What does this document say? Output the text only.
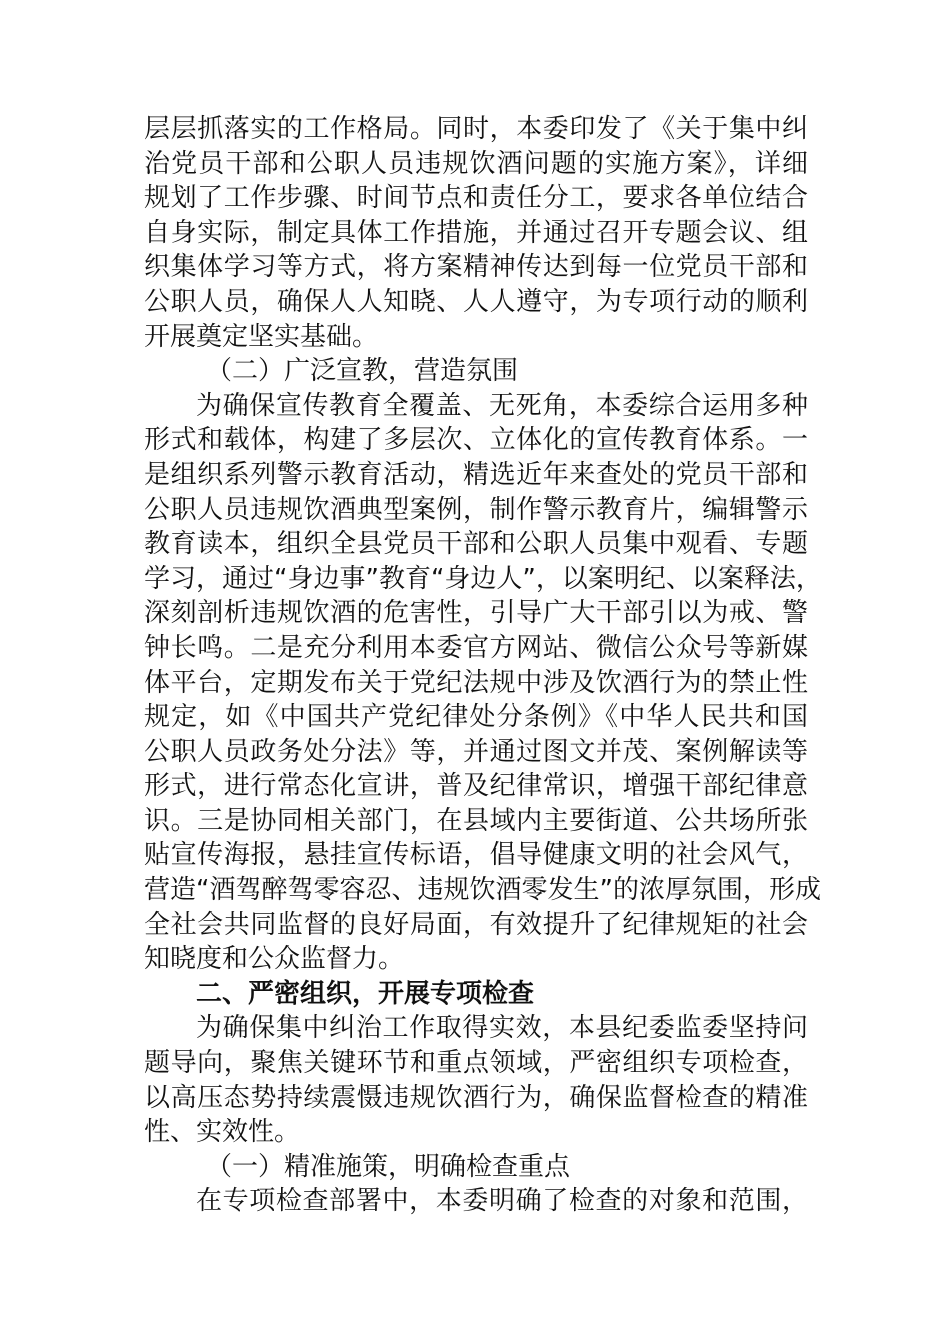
层层抓落实的工作格局。同时，本委印发了《关于集中纠
治党员干部和公职人员违规饮酒问题的实施方案》，详细
规划了工作步骤、时间节点和责任分工，要求各单位结合
自身实际，制定具体工作措施，并通过召开专题会议、组
织集体学习等方式，将方案精神传达到每一位党员干部和
公职人员，确保人人知晓、人人遵守，为专项行动的顺利
开展奠定坚实基础。
（二）广泛宣教，营造氛围
为确保宣传教育全覆盖、无死角，本委综合运用多种
形式和载体，构建了多层次、立体化的宣传教育体系。一
是组织系列警示教育活动，精选近年来查处的党员干部和
公职人员违规饮酒典型案例，制作警示教育片，编辑警示
教育读本，组织全县党员干部和公职人员集中观看、专题
学习，通过“身边事”教育“身边人”，以案明纪、以案释法，
深刻剖析违规饮酒的危害性，引导广大干部引以为戒、警
钟长鸣。二是充分利用本委官方网站、微信公众号等新媒
体平台，定期发布关于党纪法规中涉及饮酒行为的禁止性
规定，如《中国共产党纪律处分条例》《中华人民共和国
公职人员政务处分法》等，并通过图文并茂、案例解读等
形式，进行常态化宣讲，普及纪律常识，增强干部纪律意
识。三是协同相关部门，在县域内主要街道、公共场所张
贴宣传海报，悬挂宣传标语，倡导健康文明的社会风气，
营造“酒驾醉驾零容忍、违规饮酒零发生”的浓厚氛围，形成
全社会共同监督的良好局面，有效提升了纪律规矩的社会
知晓度和公众监督力。
二、严密组织，开展专项检查
为确保集中纠治工作取得实效，本县纪委监委坚持问
题导向，聚焦关键环节和重点领域，严密组织专项检查，
以高压态势持续震慑违规饮酒行为，确保监督检查的精准
性、实效性。
（一）精准施策，明确检查重点
在专项检查部署中，本委明确了检查的对象和范围，
